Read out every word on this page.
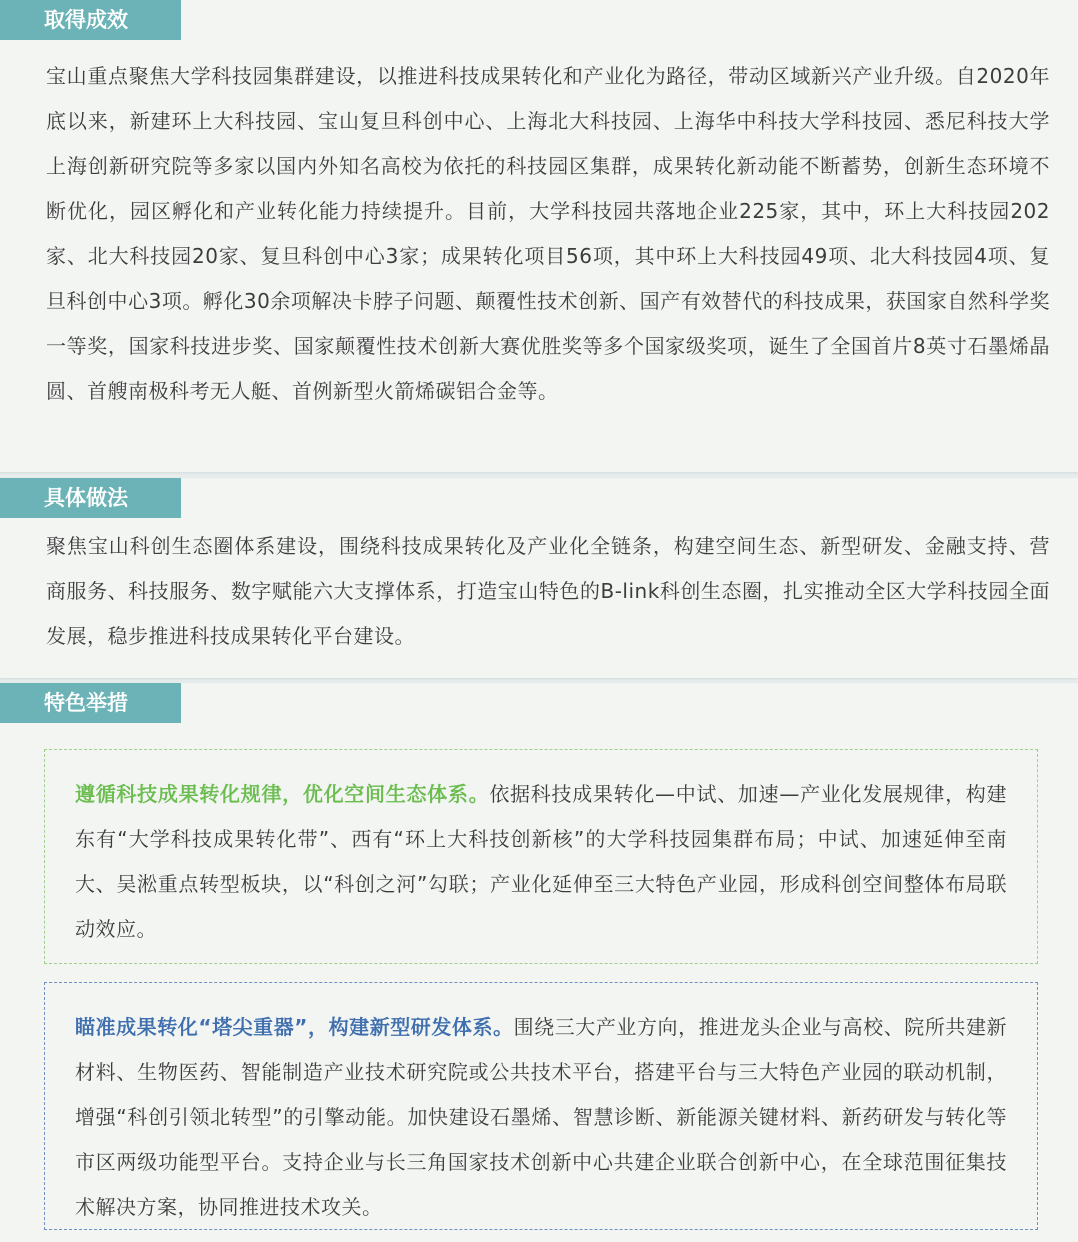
取得成效

宝山重点聚焦大学科技园集群建设，以推进科技成果转化和产业化为路径，带动区域新兴产业升级。自2020年底以来，新建环上大科技园、宝山复旦科创中心、上海北大科技园、上海华中科技大学科技园、悉尼科技大学上海创新研究院等多家以国内外知名高校为依托的科技园区集群，成果转化新动能不断蓄势，创新生态环境不断优化，园区孵化和产业转化能力持续提升。目前，大学科技园共落地企业225家，其中，环上大科技园202家、北大科技园20家、复旦科创中心3家；成果转化项目56项，其中环上大科技园49项、北大科技园4项、复旦科创中心3项。孵化30余项解决卡脖子问题、颠覆性技术创新、国产有效替代的科技成果，获国家自然科学奖一等奖，国家科技进步奖、国家颠覆性技术创新大赛优胜奖等多个国家级奖项，诞生了全国首片8英寸石墨烯晶圆、首艘南极科考无人艇、首例新型火箭烯碳铝合金等。

具体做法

聚焦宝山科创生态圈体系建设，围绕科技成果转化及产业化全链条，构建空间生态、新型研发、金融支持、营商服务、科技服务、数字赋能六大支撑体系，打造宝山特色的B-link科创生态圈，扎实推动全区大学科技园全面发展，稳步推进科技成果转化平台建设。

特色举措

遵循科技成果转化规律，优化空间生态体系。依据科技成果转化—中试、加速—产业化发展规律，构建东有“大学科技成果转化带”、西有“环上大科技创新核”的大学科技园集群布局；中试、加速延伸至南大、吴淞重点转型板块，以“科创之河”勾联；产业化延伸至三大特色产业园，形成科创空间整体布局联动效应。

瞄准成果转化“塔尖重器”，构建新型研发体系。围绕三大产业方向，推进龙头企业与高校、院所共建新材料、生物医药、智能制造产业技术研究院或公共技术平台，搭建平台与三大特色产业园的联动机制，增强“科创引领北转型”的引擎动能。加快建设石墨烯、智慧诊断、新能源关键材料、新药研发与转化等市区两级功能型平台。支持企业与长三角国家技术创新中心共建企业联合创新中心，在全球范围征集技术解决方案，协同推进技术攻关。
